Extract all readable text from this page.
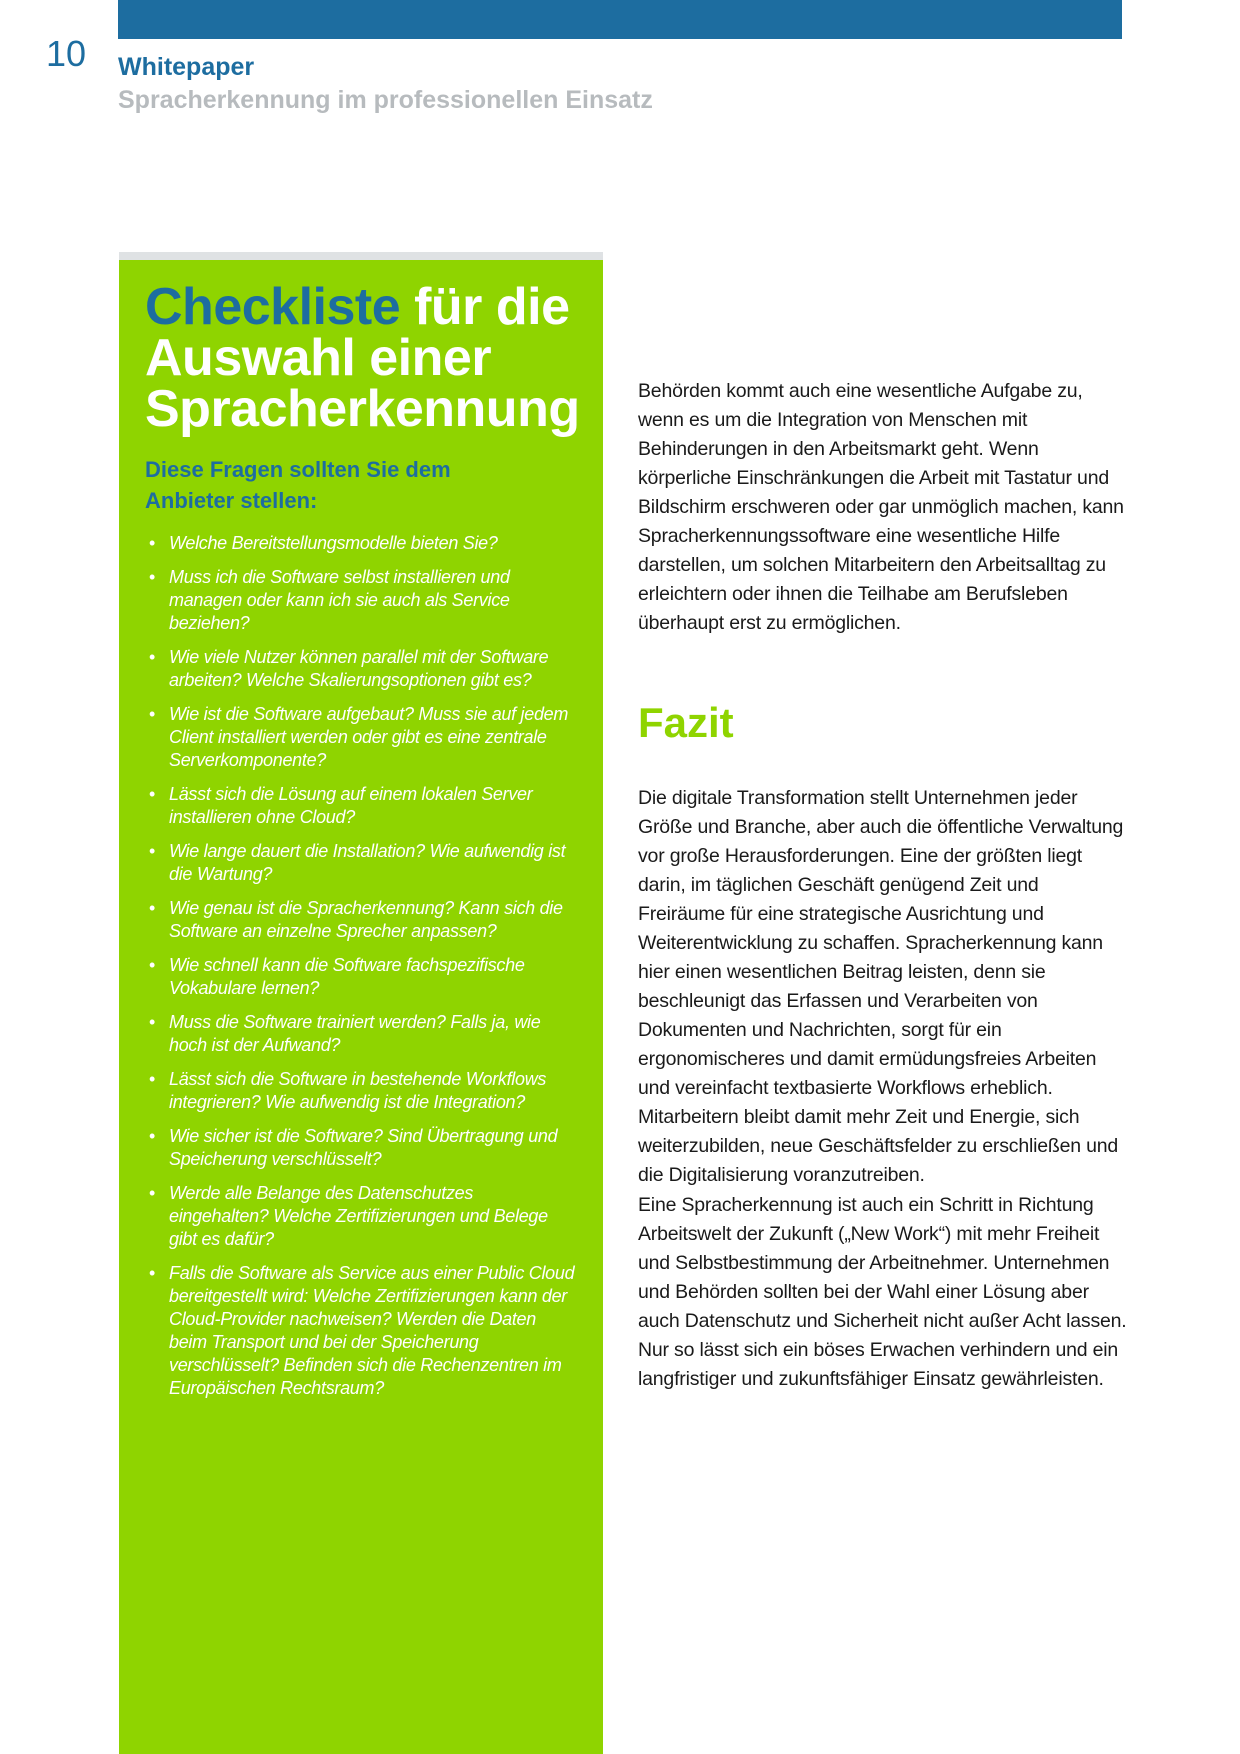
10 Whitepaper
Spracherkennung im professionellen Einsatz
Checkliste für die Auswahl einer Spracherkennung
Diese Fragen sollten Sie dem
Anbieter stellen:
• Welche Bereitstellungsmodelle bieten Sie?
• Muss ich die Software selbst installieren und managen oder kann ich sie auch als Service beziehen?
• Wie viele Nutzer können parallel mit der Software arbeiten? Welche Skalierungsoptionen gibt es?
• Wie ist die Software aufgebaut? Muss sie auf jedem Client installiert werden oder gibt es eine zentrale Serverkomponente?
• Lässt sich die Lösung auf einem lokalen Server installieren ohne Cloud?
• Wie lange dauert die Installation? Wie aufwendig ist die Wartung?
• Wie genau ist die Spracherkennung? Kann sich die Software an einzelne Sprecher anpassen?
• Wie schnell kann die Software fachspezifische Vokabulare lernen?
• Muss die Software trainiert werden? Falls ja, wie hoch ist der Aufwand?
• Lässt sich die Software in bestehende Workflows integrieren? Wie aufwendig ist die Integration?
• Wie sicher ist die Software? Sind Übertragung und Speicherung verschlüsselt?
• Werde alle Belange des Datenschutzes eingehalten? Welche Zertifizierungen und Belege gibt es dafür?
• Falls die Software als Service aus einer Public Cloud bereitgestellt wird: Welche Zertifizierungen kann der Cloud-Provider nachweisen? Werden die Daten beim Transport und bei der Speicherung verschlüsselt? Befinden sich die Rechenzentren im Europäischen Rechtsraum?

Behörden kommt auch eine wesentliche Aufgabe zu, wenn es um die Integration von Menschen mit Behinderungen in den Arbeitsmarkt geht. Wenn körperliche Einschränkungen die Arbeit mit Tastatur und Bildschirm erschweren oder gar unmöglich machen, kann Spracherkennungssoftware eine wesentliche Hilfe darstellen, um solchen Mitarbeitern den Arbeitsalltag zu erleichtern oder ihnen die Teilhabe am Berufsleben überhaupt erst zu ermöglichen.

Fazit

Die digitale Transformation stellt Unternehmen jeder Größe und Branche, aber auch die öffentliche Verwaltung vor große Herausforderungen. Eine der größten liegt darin, im täglichen Geschäft genügend Zeit und Freiräume für eine strategische Ausrichtung und Weiterentwicklung zu schaffen. Spracherkennung kann hier einen wesentlichen Beitrag leisten, denn sie beschleunigt das Erfassen und Verarbeiten von Dokumenten und Nachrichten, sorgt für ein ergonomischeres und damit ermüdungsfreies Arbeiten und vereinfacht textbasierte Workflows erheblich. Mitarbeitern bleibt damit mehr Zeit und Energie, sich weiterzubilden, neue Geschäftsfelder zu erschließen und die Digitalisierung voranzutreiben.

Eine Spracherkennung ist auch ein Schritt in Richtung Arbeitswelt der Zukunft („New Work“) mit mehr Freiheit und Selbstbestimmung der Arbeitnehmer. Unternehmen und Behörden sollten bei der Wahl einer Lösung aber auch Datenschutz und Sicherheit nicht außer Acht lassen. Nur so lässt sich ein böses Erwachen verhindern und ein langfristiger und zukunftsfähiger Einsatz gewährleisten.
